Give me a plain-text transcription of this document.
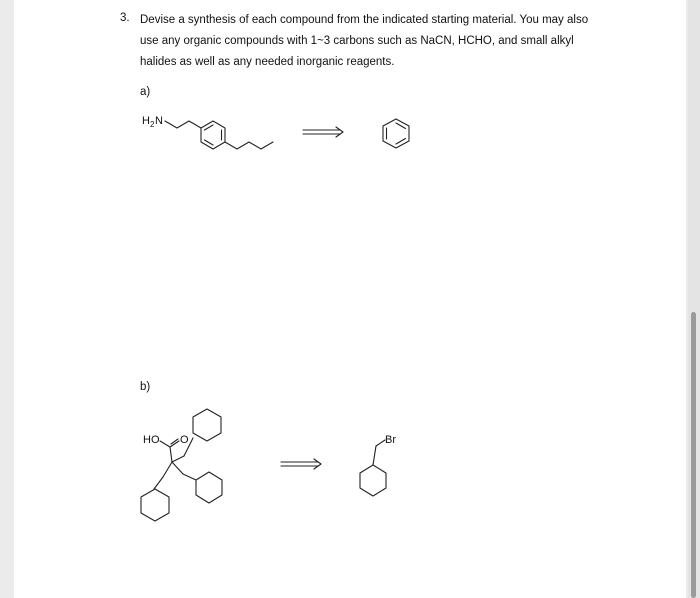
3. Devise a synthesis of each compound from the indicated starting material. You may also
use any organic compounds with 1~3 carbons such as NaCN, HCHO, and small alkyl
halides as well as any needed inorganic reagents.
a)
b)
H 2 N
HO O	Br
